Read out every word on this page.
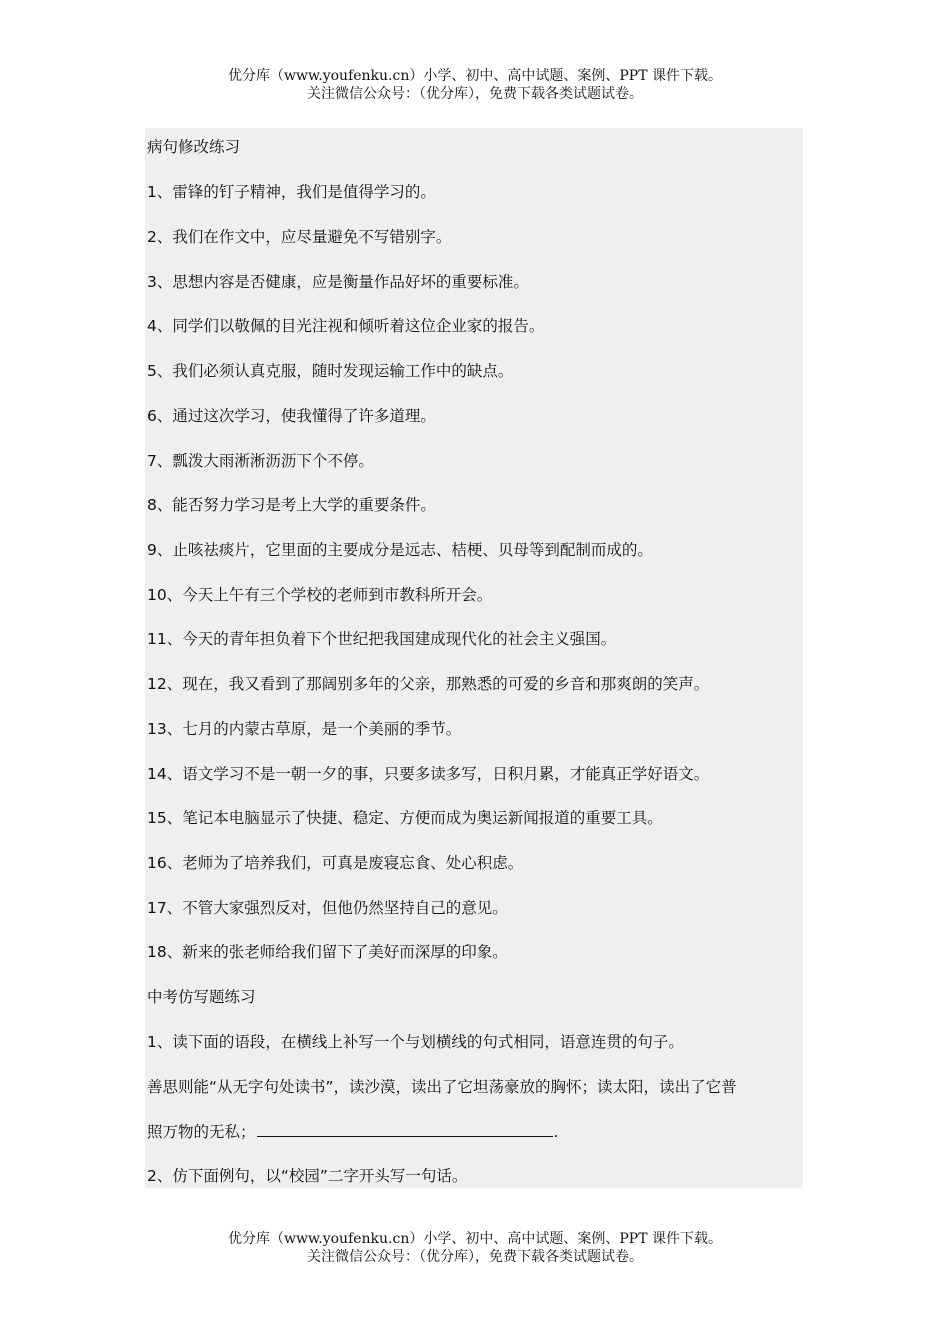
优分库（www.youfenku.cn）小学、初中、高中试题、案例、PPT 课件下载。
关注微信公众号：（优分库），免费下载各类试题试卷。
病句修改练习
1、雷锋的钉子精神，我们是值得学习的。
2、我们在作文中，应尽量避免不写错别字。
3、思想内容是否健康，应是衡量作品好坏的重要标准。
4、同学们以敬佩的目光注视和倾听着这位企业家的报告。
5、我们必须认真克服，随时发现运输工作中的缺点。
6、通过这次学习，使我懂得了许多道理。
7、瓢泼大雨淅淅沥沥下个不停。
8、能否努力学习是考上大学的重要条件。
9、止咳祛痰片，它里面的主要成分是远志、桔梗、贝母等到配制而成的。
10、今天上午有三个学校的老师到市教科所开会。
11、今天的青年担负着下个世纪把我国建成现代化的社会主义强国。
12、现在，我又看到了那阔别多年的父亲，那熟悉的可爱的乡音和那爽朗的笑声。
13、七月的内蒙古草原，是一个美丽的季节。
14、语文学习不是一朝一夕的事，只要多读多写，日积月累，才能真正学好语文。
15、笔记本电脑显示了快捷、稳定、方便而成为奥运新闻报道的重要工具。
16、老师为了培养我们，可真是废寝忘食、处心积虑。
17、不管大家强烈反对，但他仍然坚持自己的意见。
18、新来的张老师给我们留下了美好而深厚的印象。
中考仿写题练习
1、读下面的语段，在横线上补写一个与划横线的句式相同，语意连贯的句子。
善思则能“从无字句处读书”，读沙漠，读出了它坦荡豪放的胸怀；读太阳，读出了它普
照万物的无私；	.
2、仿下面例句，以“校园”二字开头写一句话。
优分库（www.youfenku.cn）小学、初中、高中试题、案例、PPT 课件下载。
关注微信公众号：（优分库），免费下载各类试题试卷。
